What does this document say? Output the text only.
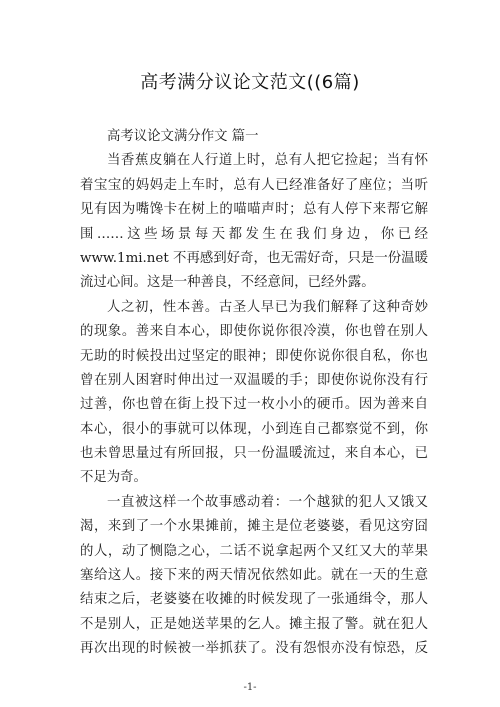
高考满分议论文范文((6篇)
高考议论文满分作文 篇一
当香蕉皮躺在人行道上时，总有人把它捡起；当有怀
着宝宝的妈妈走上车时，总有人已经准备好了座位；当听
见有因为嘴馋卡在树上的喵喵声时；总有人停下来帮它解
围……这些场景每天都发生在我们身边，你已经
www.1mi.net 不再感到好奇，也无需好奇，只是一份温暖
流过心间。这是一种善良，不经意间，已经外露。
人之初，性本善。古圣人早已为我们解释了这种奇妙
的现象。善来自本心，即使你说你很冷漠，你也曾在别人
无助的时候投出过坚定的眼神；即使你说你很自私，你也
曾在别人困窘时伸出过一双温暖的手；即使你说你没有行
过善，你也曾在街上投下过一枚小小的硬币。因为善来自
本心，很小的事就可以体现，小到连自己都察觉不到，你
也未曾思量过有所回报，只一份温暖流过，来自本心，已
不足为奇。
一直被这样一个故事感动着：一个越狱的犯人又饿又
渴，来到了一个水果摊前，摊主是位老婆婆，看见这穷囧
的人，动了恻隐之心，二话不说拿起两个又红又大的苹果
塞给这人。接下来的两天情况依然如此。就在一天的生意
结束之后，老婆婆在收摊的时候发现了一张通缉令，那人
不是别人，正是她送苹果的乞人。摊主报了警。就在犯人
再次出现的时候被一举抓获了。没有怨恨亦没有惊恐，反
-1-
